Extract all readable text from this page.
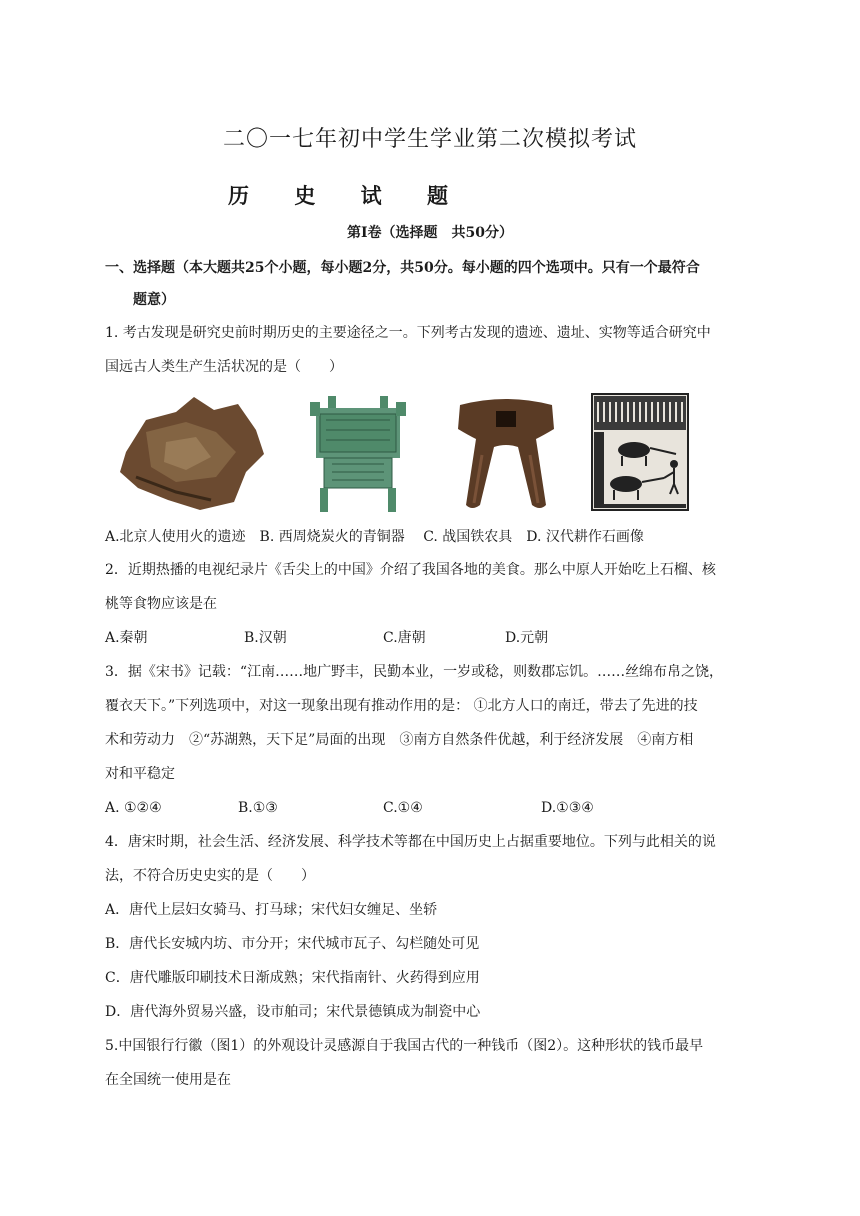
二〇一七年初中学生学业第二次模拟考试
历 史 试 题
第Ⅰ卷（选择题　共50分）
一、选择题（本大题共25个小题，每小题2分，共50分。每小题的四个选项中。只有一个最符合
题意）
1. 考古发现是研究史前时期历史的主要途径之一。下列考古发现的遗迹、遗址、实物等适合研究中
国远古人类生产生活状况的是（　　）
A.北京人使用火的遗迹　B. 西周烧炭火的青铜器　 C. 战国铁农具　D. 汉代耕作石画像
2．近期热播的电视纪录片《舌尖上的中国》介绍了我国各地的美食。那么中原人开始吃上石榴、核
桃等食物应该是在
A.秦朝	B.汉朝	C.唐朝	D.元朝
3．据《宋书》记载：“江南……地广野丰，民勤本业，一岁或稔，则数郡忘饥。……丝绵布帛之饶，
覆衣天下。”下列选项中，对这一现象出现有推动作用的是： ①北方人口的南迁，带去了先进的技
术和劳动力　②“苏湖熟，天下足”局面的出现　③南方自然条件优越，利于经济发展　④南方相
对和平稳定
A. ①②④	B.①③	C.①④	D.①③④
4．唐宋时期，社会生活、经济发展、科学技术等都在中国历史上占据重要地位。下列与此相关的说
法，不符合历史史实的是（　　）
A．唐代上层妇女骑马、打马球；宋代妇女缠足、坐轿
B．唐代长安城内坊、市分开；宋代城市瓦子、勾栏随处可见
C．唐代雕版印刷技术日渐成熟；宋代指南针、火药得到应用
D．唐代海外贸易兴盛，设市舶司；宋代景德镇成为制瓷中心
5.中国银行行徽（图1）的外观设计灵感源自于我国古代的一种钱币（图2）。这种形状的钱币最早
在全国统一使用是在
